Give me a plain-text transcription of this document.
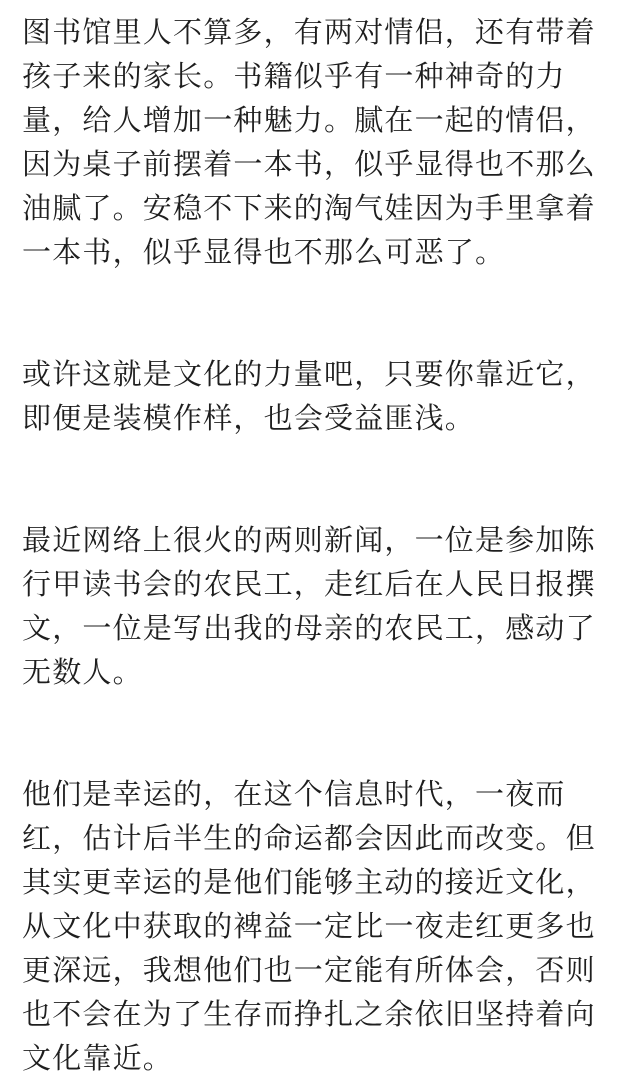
图书馆里人不算多，有两对情侣，还有带着
孩子来的家长。书籍似乎有一种神奇的力
量，给人增加一种魅力。腻在一起的情侣，
因为桌子前摆着一本书，似乎显得也不那么
油腻了。安稳不下来的淘气娃因为手里拿着
一本书，似乎显得也不那么可恶了。

或许这就是文化的力量吧，只要你靠近它，
即便是装模作样，也会受益匪浅。

最近网络上很火的两则新闻，一位是参加陈
行甲读书会的农民工，走红后在人民日报撰
文，一位是写出我的母亲的农民工，感动了
无数人。

他们是幸运的，在这个信息时代，一夜而
红，估计后半生的命运都会因此而改变。但
其实更幸运的是他们能够主动的接近文化，
从文化中获取的裨益一定比一夜走红更多也
更深远，我想他们也一定能有所体会，否则
也不会在为了生存而挣扎之余依旧坚持着向
文化靠近。
